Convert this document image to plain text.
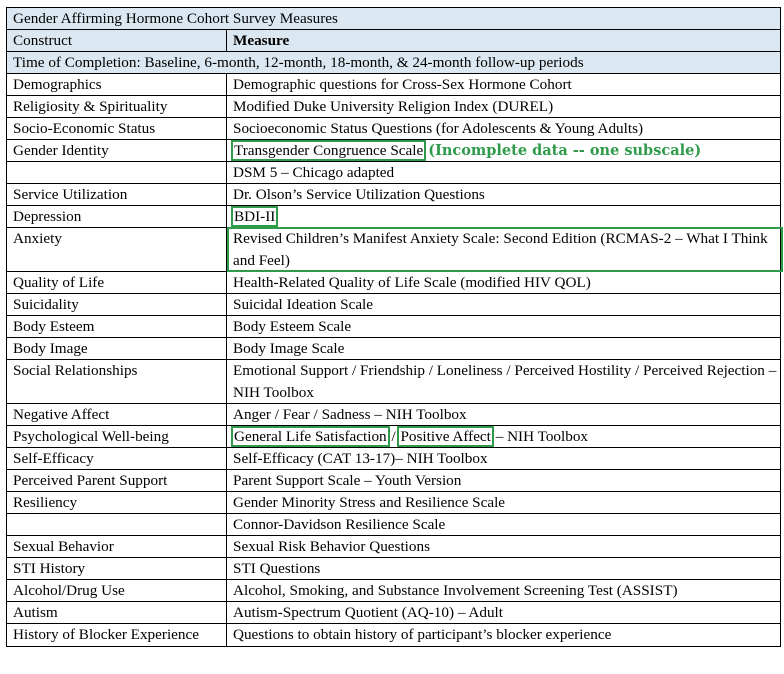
Gender Affirming Hormone Cohort Survey Measures	
Construct	Measure
Time of Completion: Baseline, 6-month, 12-month, 18-month, & 24-month follow-up periods	
Demographics	Demographic questions for Cross-Sex Hormone Cohort
Religiosity & Spirituality	Modified Duke University Religion Index (DUREL)
Socio-Economic Status	Socioeconomic Status Questions (for Adolescents & Young Adults)
Gender Identity	Transgender Congruence Scale (Incomplete data -- one subscale)
	DSM 5 – Chicago adapted
Service Utilization	Dr. Olson’s Service Utilization Questions
Depression	BDI-II
Anxiety	Revised Children’s Manifest Anxiety Scale: Second Edition (RCMAS-2 – What I Think and Feel)

Quality of Life	Health-Related Quality of Life Scale (modified HIV QOL)
Suicidality	Suicidal Ideation Scale
Body Esteem	Body Esteem Scale
Body Image	Body Image Scale
Social Relationships	Emotional Support / Friendship / Loneliness / Perceived Hostility / Perceived Rejection – NIH Toolbox
Negative Affect	Anger / Fear / Sadness – NIH Toolbox
Psychological Well-being	General Life Satisfaction / Positive Affect – NIH Toolbox
Self-Efficacy	Self-Efficacy (CAT 13-17)– NIH Toolbox
Perceived Parent Support	Parent Support Scale – Youth Version
Resiliency	Gender Minority Stress and Resilience Scale
	Connor-Davidson Resilience Scale
Sexual Behavior	Sexual Risk Behavior Questions
STI History	STI Questions
Alcohol/Drug Use	Alcohol, Smoking, and Substance Involvement Screening Test (ASSIST)
Autism	Autism-Spectrum Quotient (AQ-10) – Adult
History of Blocker Experience	Questions to obtain history of participant’s blocker experience
